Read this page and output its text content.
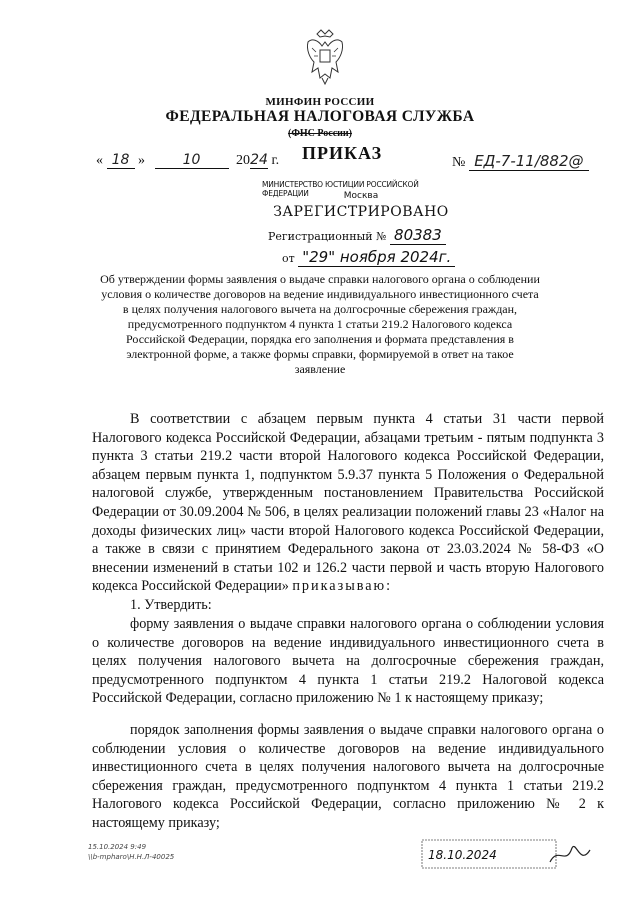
МИНФИН РОССИИ
ФЕДЕРАЛЬНАЯ НАЛОГОВАЯ СЛУЖБА
(ФНС России)
« 18 »	10	2024 г. ПРИКАЗ	№ ЕД-7-11/882@
МИНИСТЕРСТВО ЮСТИЦИИ РОССИЙСКОЙ ФЕДЕРАЦИИ	Москва
ЗАРЕГИСТРИРОВАНО
Регистрационный № 80383
от "29" ноября 2024г.
Об утверждении формы заявления о выдаче справки налогового органа о соблюдении условия о количестве договоров на ведение индивидуального инвестиционного счета в целях получения налогового вычета на долгосрочные сбережения граждан, предусмотренного подпунктом 4 пункта 1 статьи 219.2 Налогового кодекса Российской Федерации, порядка его заполнения и формата представления в электронной форме, а также формы справки, формируемой в ответ на такое заявление
В соответствии с абзацем первым пункта 4 статьи 31 части первой Налогового кодекса Российской Федерации, абзацами третьим - пятым подпункта 3 пункта 3 статьи 219.2 части второй Налогового кодекса Российской Федерации, абзацем первым пункта 1, подпунктом 5.9.37 пункта 5 Положения о Федеральной налоговой службе, утвержденным постановлением Правительства Российской Федерации от 30.09.2004 № 506, в целях реализации положений главы 23 «Налог на доходы физических лиц» части второй Налогового кодекса Российской Федерации, а также в связи с принятием Федерального закона от 23.03.2024 № 58-ФЗ «О внесении изменений в статьи 102 и 126.2 части первой и часть вторую Налогового кодекса Российской Федерации» приказываю:
1. Утвердить:
форму заявления о выдаче справки налогового органа о соблюдении условия о количестве договоров на ведение индивидуального инвестиционного счета в целях получения налогового вычета на долгосрочные сбережения граждан, предусмотренного подпунктом 4 пункта 1 статьи 219.2 Налоговой кодекса Российской Федерации, согласно приложению № 1 к настоящему приказу;
порядок заполнения формы заявления о выдаче справки налогового органа о соблюдении условия о количестве договоров на ведение индивидуального инвестиционного счета в целях получения налогового вычета на долгосрочные сбережения граждан, предусмотренного подпунктом 4 пункта 1 статьи 219.2 Налогового кодекса Российской Федерации, согласно приложению № 2 к настоящему приказу;
15.10.2024 9:49
\\b-mpharo\Н.Н.Л-40025	18.10.2024
